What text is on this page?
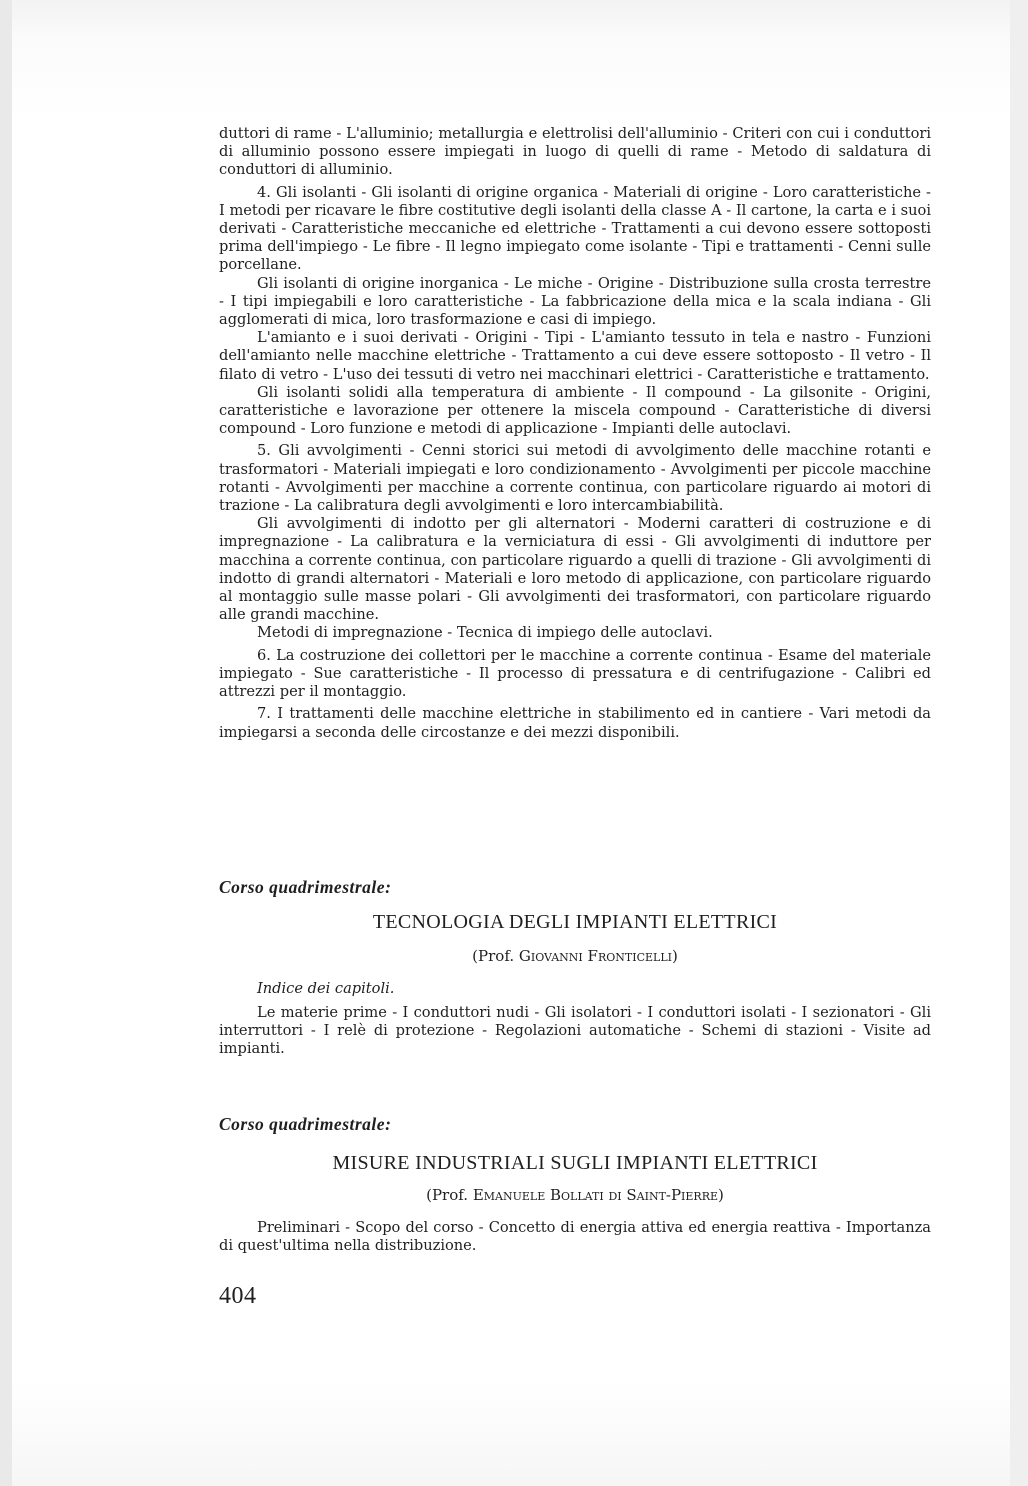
duttori di rame - L'alluminio; metallurgia e elettrolisi dell'alluminio - Criteri con cui i conduttori di alluminio possono essere impiegati in luogo di quelli di rame - Metodo di saldatura di conduttori di alluminio.

4. Gli isolanti - Gli isolanti di origine organica - Materiali di origine - Loro caratteristiche - I metodi per ricavare le fibre costitutive degli isolanti della classe A - Il cartone, la carta e i suoi derivati - Caratteristiche meccaniche ed elettriche - Trattamenti a cui devono essere sottoposti prima dell'impiego - Le fibre - Il legno impiegato come isolante - Tipi e trattamenti - Cenni sulle porcellane.

Gli isolanti di origine inorganica - Le miche - Origine - Distribuzione sulla crosta terrestre - I tipi impiegabili e loro caratteristiche - La fabbricazione della mica e la scala indiana - Gli agglomerati di mica, loro trasformazione e casi di impiego.

L'amianto e i suoi derivati - Origini - Tipi - L'amianto tessuto in tela e nastro - Funzioni dell'amianto nelle macchine elettriche - Trattamento a cui deve essere sottoposto - Il vetro - Il filato di vetro - L'uso dei tessuti di vetro nei macchinari elettrici - Caratteristiche e trattamento.

Gli isolanti solidi alla temperatura di ambiente - Il compound - La gilsonite - Origini, caratteristiche e lavorazione per ottenere la miscela compound - Caratteristiche di diversi compound - Loro funzione e metodi di applicazione - Impianti delle autoclavi.

5. Gli avvolgimenti - Cenni storici sui metodi di avvolgimento delle macchine rotanti e trasformatori - Materiali impiegati e loro condizionamento - Avvolgimenti per piccole macchine rotanti - Avvolgimenti per macchine a corrente continua, con particolare riguardo ai motori di trazione - La calibratura degli avvolgimenti e loro intercambiabilità.

Gli avvolgimenti di indotto per gli alternatori - Moderni caratteri di costruzione e di impregnazione - La calibratura e la verniciatura di essi - Gli avvolgimenti di induttore per macchina a corrente continua, con particolare riguardo a quelli di trazione - Gli avvolgimenti di indotto di grandi alternatori - Materiali e loro metodo di applicazione, con particolare riguardo al montaggio sulle masse polari - Gli avvolgimenti dei trasformatori, con particolare riguardo alle grandi macchine.

Metodi di impregnazione - Tecnica di impiego delle autoclavi.

6. La costruzione dei collettori per le macchine a corrente continua - Esame del materiale impiegato - Sue caratteristiche - Il processo di pressatura e di centrifugazione - Calibri ed attrezzi per il montaggio.

7. I trattamenti delle macchine elettriche in stabilimento ed in cantiere - Vari metodi da impiegarsi a seconda delle circostanze e dei mezzi disponibili.

Corso quadrimestrale:
TECNOLOGIA DEGLI IMPIANTI ELETTRICI
(Prof. Giovanni Fronticelli)
Indice dei capitoli.

Le materie prime - I conduttori nudi - Gli isolatori - I conduttori isolati - I sezionatori - Gli interruttori - I relè di protezione - Regolazioni automatiche - Schemi di stazioni - Visite ad impianti.

Corso quadrimestrale:
MISURE INDUSTRIALI SUGLI IMPIANTI ELETTRICI
(Prof. Emanuele Bollati di Saint-Pierre)

Preliminari - Scopo del corso - Concetto di energia attiva ed energia reattiva - Importanza di quest'ultima nella distribuzione.

404
